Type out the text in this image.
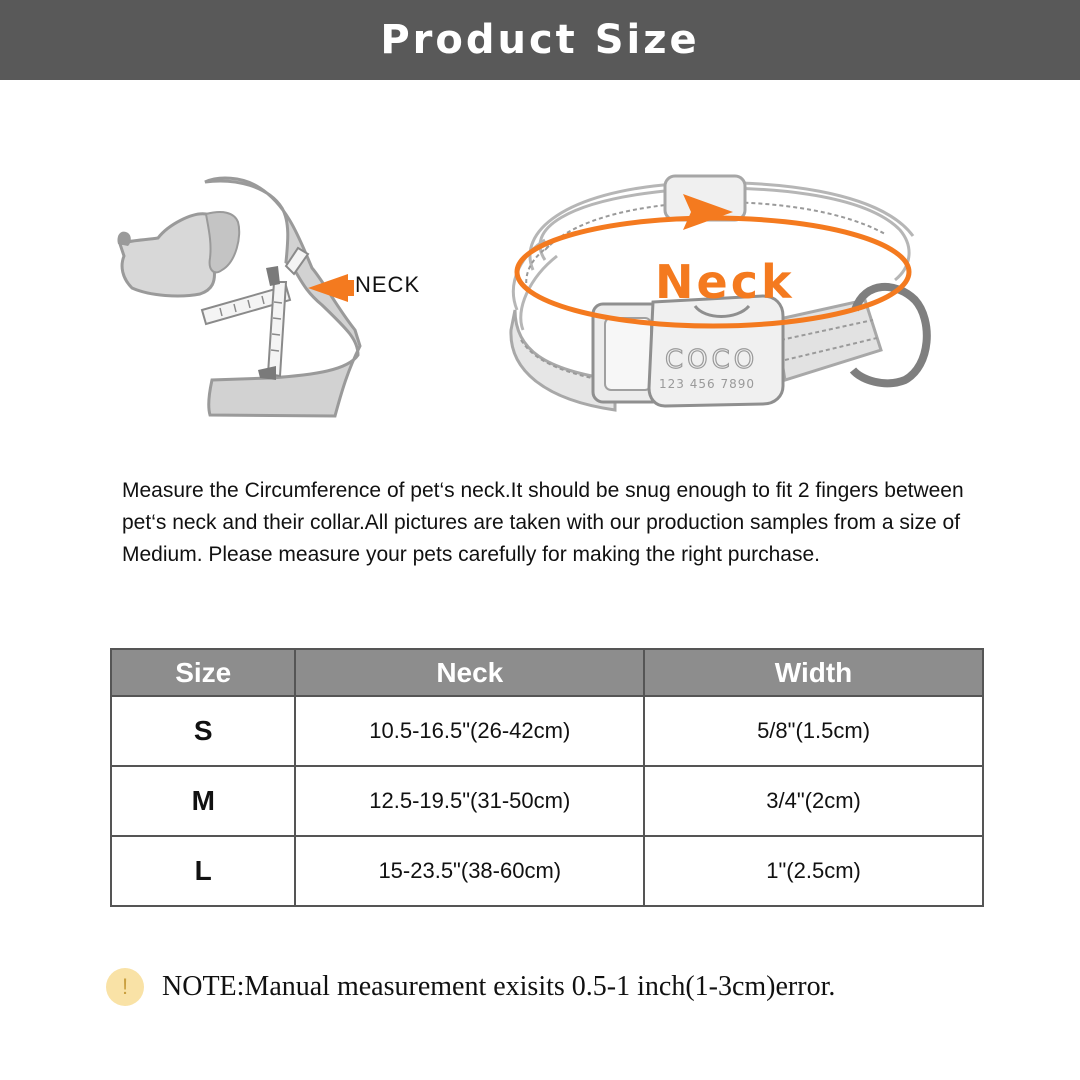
Product Size
NECK
COCO
123 456 7890
Neck

Measure the Circumference of pet‘s neck.It should be snug enough to fit 2 fingers between pet‘s neck and their collar.All pictures are taken with our production samples from a size of Medium. Please measure your pets carefully for making the right purchase.

Size	Neck	Width
S	10.5-16.5"(26-42cm)	5/8"(1.5cm)
M	12.5-19.5"(31-50cm)	3/4"(2cm)
L	15-23.5"(38-60cm)	1"(2.5cm)
!	NOTE:Manual measurement exisits 0.5-1 inch(1-3cm)error.
